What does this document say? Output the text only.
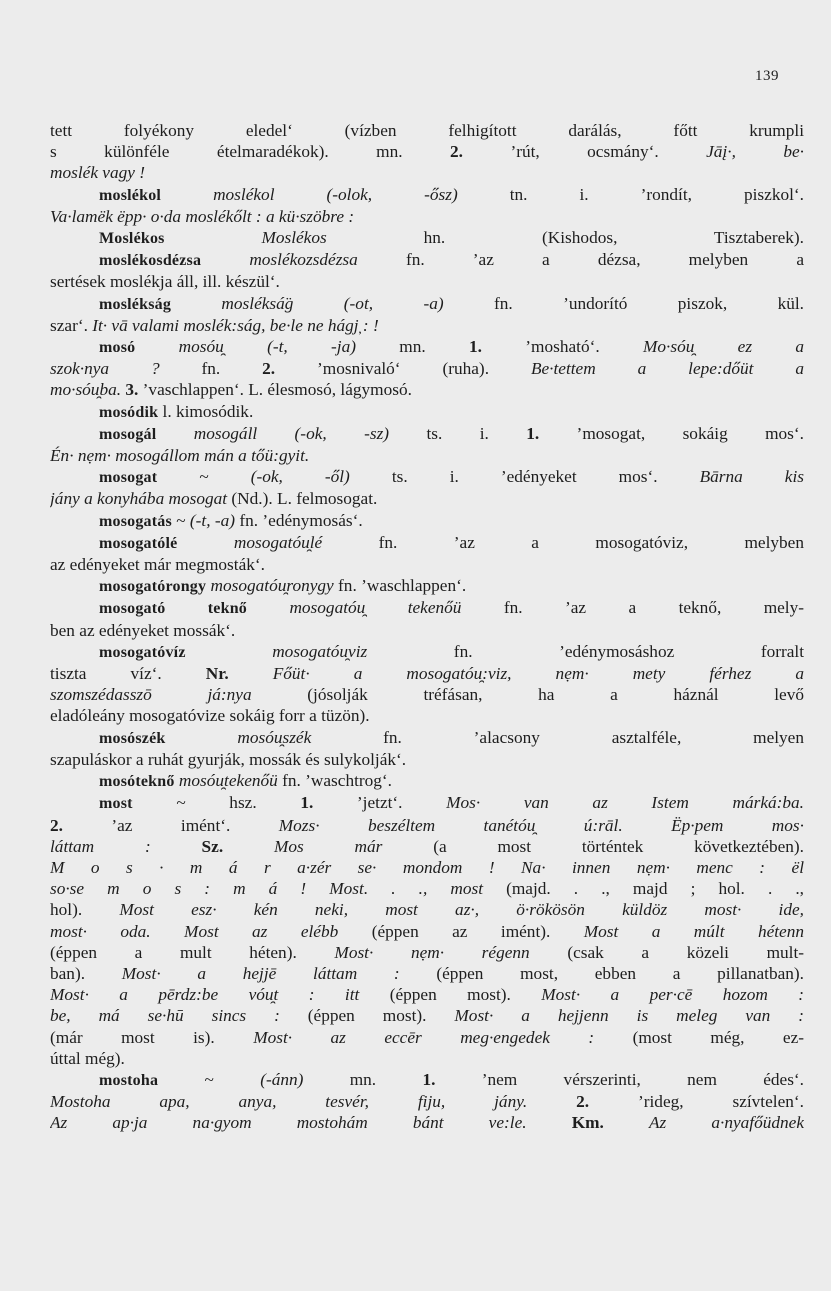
139
tett folyékony eledel‘ (vízben felhigított darálás, főtt krumpli
s különféle ételmaradékok). mn. 2. ’rút, ocsmány‘. Jāį·, be·
moslék vagy !
moslékol	moslékol (-olok, -ősz) tn. i. ’rondít, piszkol‘.
Va·lamëk ëpp· o·da moslékőlt : a kü·szöbre :
Moslékos	Moslékos hn. (Kishodos, Tisztaberek).
moslékosdézsa	moslékozsdézsa fn. ’az a dézsa, melyben a
sertések moslékja áll, ill. készül‘.
moslékság	mosléksá̈g (-ot, -a) fn. ’undorító piszok, kül.
szar‘. It· vā valami moslék:ság, be·le ne hágj̦ : !
mosó	mosóu̯ (-t, -ja) mn. 1. ’mosható‘. Mo·sóu̯ ez a
szok·nya ? fn. 2. ’mosnivaló‘ (ruha). Be·tettem a lepe:dőüt a
mo·sóu̯ba. 3. ’vaschlappen‘. L. élesmosó, lágymosó.
mosódik l. kimosódik.
mosogál mosogáll (-ok, -sz) ts. i. 1. ’mosogat, sokáig mos‘.
Én· nẹm· mosogállom mán a tőü:gyit.
mosogat ~ (-ok, -ől) ts. i. ’edényeket mos‘. Bārna kis
jány a konyhába mosogat (Nd.). L. felmosogat.
mosogatás ~ (-t, -a) fn. ’edénymosás‘.
mosogatólé	mosogatóu̯lé fn. ’az a mosogatóviz, melyben
az edényeket már megmosták‘.
mosogatórongy mosogatóu̯ronygy fn. ’waschlappen‘.
mosogató teknő mosogatóu̯ tekenőü fn. ’az a teknő, mely-
ben az edényeket mossák‘.
mosogatóvíz	mosogatóu̯viz fn. ’edénymosáshoz forralt
tiszta víz‘. Nr.	Főüt· a mosogatóu̯:viz, nẹm· mety férhez a
szomszédasszō já:nya (jósolják tréfásan, ha a háznál levő
eladóleány mosogatóvize sokáig forr a tüzön).
mosószék	mosóu̯szék fn. ’alacsony asztalféle, melyen
szapuláskor a ruhát gyurják, mossák és sulykolják‘.
mosóteknő mosóu̯tekenőü fn. ’waschtrog‘.
most ~ hsz. 1. ’jetzt‘. Mos· van az Istem márká:ba.
2. ’az imént‘. Mozs· beszéltem tanétóu̯ ú:rāl. Ëp·pem mos·
láttam :	Sz.	Mos már (a most történtek következtében).
M o s · m á r a·zér se· mondom ! Na· innen nẹm· menc : ël
so·se m o s : m á ! Most. . ., most (majd. . ., majd ; hol. . .,
hol). Most esz· kén neki, most az·, ö·rökösön küldöz most· ide,
most· oda. Most az elébb (éppen az imént). Most a múlt hétenn
(éppen a mult héten). Most· nẹm· régenn (csak a közeli mult-
ban). Most· a hejjē láttam : (éppen most, ebben a pillanatban).
Most· a pērdz:be vóu̯t : itt (éppen most). Most· a per·cē hozom :
be, má se·hū sincs : (éppen most). Most· a hejjenn is meleg van :
(már most is). Most· az eccēr meg·engedek : (most még, ez-
úttal még).
mostoha ~ (-ánn) mn. 1. ’nem vérszerinti, nem édes‘.
Mostoha apa, anya, tesvér, fiju, jány.	2. ’rideg, szívtelen‘.
Az ap·ja na·gyom mostohám bánt ve:le.	Km.	Az a·nyafőüdnek
